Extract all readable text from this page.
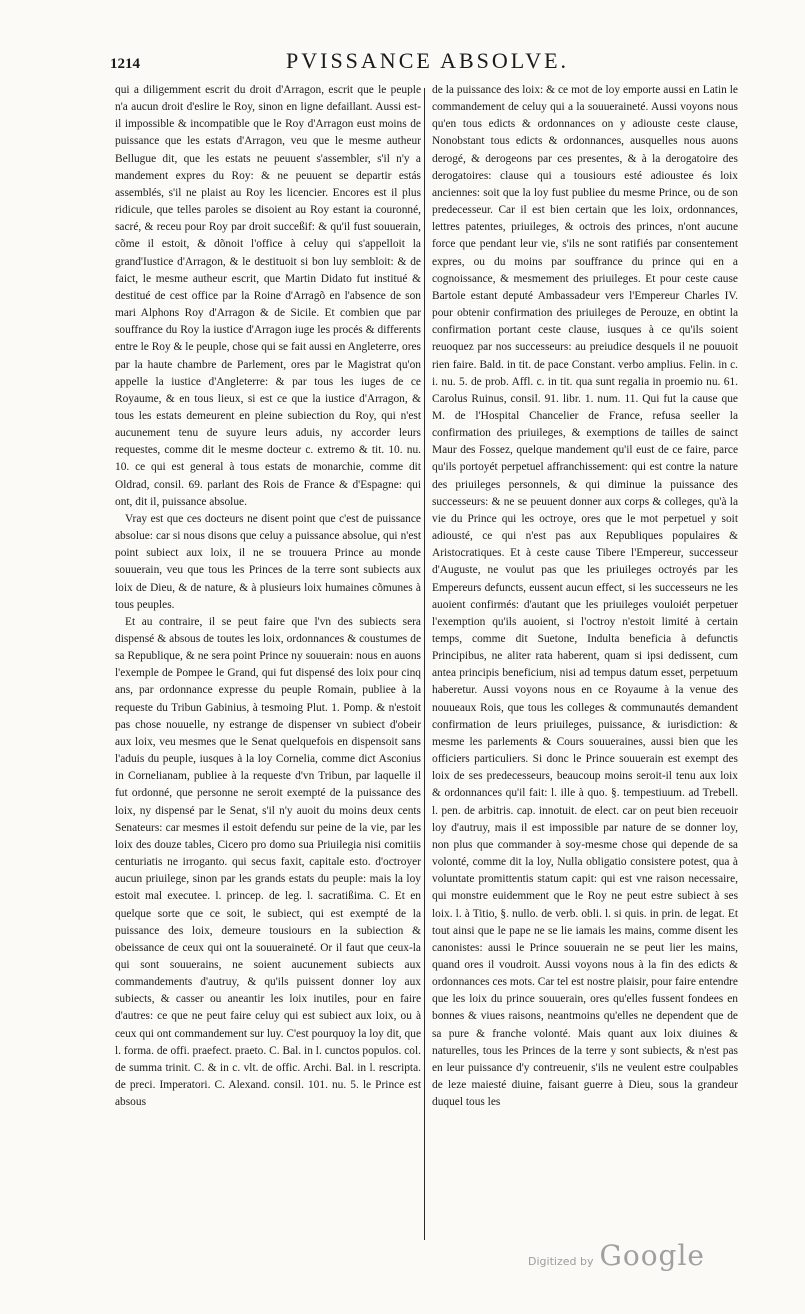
1214	PVISSANCE ABSOLVE.

qui a diligemment escrit du droit d'Arragon, escrit que le peuple n'a aucun droit d'eslire le Roy, sinon en ligne defaillant. Aussi est-il impossible & incompatible que le Roy d'Arragon eust moins de puissance que les estats d'Arragon, veu que le mesme autheur Bellugue dit, que les estats ne peuuent s'assembler, s'il n'y a mandement expres du Roy: & ne peuuent se departir estás assemblés, s'il ne plaist au Roy les licencier. Encores est il plus ridicule, que telles paroles se disoient au Roy estant ia couronné, sacré, & receu pour Roy par droit succeßif: & qu'il fust souuerain, cõme il estoit, & dõnoit l'office à celuy qui s'appelloit la grand'Iustice d'Arragon, & le destituoit si bon luy sembloit: & de faict, le mesme autheur escrit, que Martin Didato fut institué & destitué de cest office par la Roine d'Arragõ en l'absence de son mari Alphons Roy d'Arragon & de Sicile. Et combien que par souffrance du Roy la iustice d'Arragon iuge les procés & differents entre le Roy & le peuple, chose qui se fait aussi en Angleterre, ores par la haute chambre de Parlement, ores par le Magistrat qu'on appelle la iustice d'Angleterre: & par tous les iuges de ce Royaume, & en tous lieux, si est ce que la iustice d'Arragon, & tous les estats demeurent en pleine subiection du Roy, qui n'est aucunement tenu de suyure leurs aduis, ny accorder leurs requestes, comme dit le mesme docteur c. extremo & tit. 10. nu. 10. ce qui est general à tous estats de monarchie, comme dit Oldrad, consil. 69. parlant des Rois de France & d'Espagne: qui ont, dit il, puissance absolue.

Vray est que ces docteurs ne disent point que c'est de puissance absolue: car si nous disons que celuy a puissance absolue, qui n'est point subiect aux loix, il ne se trouuera Prince au monde souuerain, veu que tous les Princes de la terre sont subiects aux loix de Dieu, & de nature, & à plusieurs loix humaines cõmunes à tous peuples.

Et au contraire, il se peut faire que l'vn des subiects sera dispensé & absous de toutes les loix, ordonnances & coustumes de sa Republique, & ne sera point Prince ny souuerain: nous en auons l'exemple de Pompee le Grand, qui fut dispensé des loix pour cinq ans, par ordonnance expresse du peuple Romain, publiee à la requeste du Tribun Gabinius, à tesmoing Plut. 1. Pomp. & n'estoit pas chose nouuelle, ny estrange de dispenser vn subiect d'obeir aux loix, veu mesmes que le Senat quelquefois en dispensoit sans l'aduis du peuple, iusques à la loy Cornelia, comme dict Asconius in Cornelianam, publiee à la requeste d'vn Tribun, par laquelle il fut ordonné, que personne ne seroit exempté de la puissance des loix, ny dispensé par le Senat, s'il n'y auoit du moins deux cents Senateurs: car mesmes il estoit defendu sur peine de la vie, par les loix des douze tables, Cicero pro domo sua Priuilegia nisi comitiis centuriatis ne irroganto. qui secus faxit, capitale esto. d'octroyer aucun priuilege, sinon par les grands estats du peuple: mais la loy estoit mal executee. l. princep. de leg. l. sacratißima. C. Et en quelque sorte que ce soit, le subiect, qui est exempté de la puissance des loix, demeure tousiours en la subiection & obeissance de ceux qui ont la souueraineté. Or il faut que ceux-la qui sont souuerains, ne soient aucunement subiects aux commandements d'autruy, & qu'ils puissent donner loy aux subiects, & casser ou aneantir les loix inutiles, pour en faire d'autres: ce que ne peut faire celuy qui est subiect aux loix, ou à ceux qui ont commandement sur luy. C'est pourquoy la loy dit, que l. forma. de offi. praefect. praeto. C. Bal. in l. cunctos populos. col. de summa trinit. C. & in c. vlt. de offic. Archi. Bal. in l. rescripta. de preci. Imperatori. C. Alexand. consil. 101. nu. 5. le Prince est absous

de la puissance des loix: & ce mot de loy emporte aussi en Latin le commandement de celuy qui a la souueraineté. Aussi voyons nous qu'en tous edicts & ordonnances on y adiouste ceste clause, Nonobstant tous edicts & ordonnances, ausquelles nous auons derogé, & derogeons par ces presentes, & à la derogatoire des derogatoires: clause qui a tousiours esté adioustee és loix anciennes: soit que la loy fust publiee du mesme Prince, ou de son predecesseur. Car il est bien certain que les loix, ordonnances, lettres patentes, priuileges, & octrois des princes, n'ont aucune force que pendant leur vie, s'ils ne sont ratifiés par consentement expres, ou du moins par souffrance du prince qui en a cognoissance, & mesmement des priuileges. Et pour ceste cause Bartole estant deputé Ambassadeur vers l'Empereur Charles IV. pour obtenir confirmation des priuileges de Perouze, en obtint la confirmation portant ceste clause, iusques à ce qu'ils soient reuoquez par nos successeurs: au preiudice desquels il ne pouuoit rien faire. Bald. in tit. de pace Constant. verbo amplius. Felin. in c. i. nu. 5. de prob. Affl. c. in tit. qua sunt regalia in proemio nu. 61. Carolus Ruinus, consil. 91. libr. 1. num. 11. Qui fut la cause que M. de l'Hospital Chancelier de France, refusa seeller la confirmation des priuileges, & exemptions de tailles de sainct Maur des Fossez, quelque mandement qu'il eust de ce faire, parce qu'ils portoyét perpetuel affranchissement: qui est contre la nature des priuileges personnels, & qui diminue la puissance des successeurs: & ne se peuuent donner aux corps & colleges, qu'à la vie du Prince qui les octroye, ores que le mot perpetuel y soit adiousté, ce qui n'est pas aux Republiques populaires & Aristocratiques. Et à ceste cause Tibere l'Empereur, successeur d'Auguste, ne voulut pas que les priuileges octroyés par les Empereurs defuncts, eussent aucun effect, si les successeurs ne les auoient confirmés: d'autant que les priuileges vouloiét perpetuer l'exemption qu'ils auoient, si l'octroy n'estoit limité à certain temps, comme dit Suetone, Indulta beneficia à defunctis Principibus, ne aliter rata haberent, quam si ipsi dedissent, cum antea principis beneficium, nisi ad tempus datum esset, perpetuum haberetur. Aussi voyons nous en ce Royaume à la venue des nouueaux Rois, que tous les colleges & communautés demandent confirmation de leurs priuileges, puissance, & iurisdiction: & mesme les parlements & Cours souueraines, aussi bien que les officiers particuliers. Si donc le Prince souuerain est exempt des loix de ses predecesseurs, beaucoup moins seroit-il tenu aux loix & ordonnances qu'il fait: l. ille à quo. §. tempestiuum. ad Trebell. l. pen. de arbitris. cap. innotuit. de elect. car on peut bien receuoir loy d'autruy, mais il est impossible par nature de se donner loy, non plus que commander à soy-mesme chose qui depende de sa volonté, comme dit la loy, Nulla obligatio consistere potest, qua à voluntate promittentis statum capit: qui est vne raison necessaire, qui monstre euidemment que le Roy ne peut estre subiect à ses loix. l. à Titio, §. nullo. de verb. obli. l. si quis. in prin. de legat. Et tout ainsi que le pape ne se lie iamais les mains, comme disent les canonistes: aussi le Prince souuerain ne se peut lier les mains, quand ores il voudroit. Aussi voyons nous à la fin des edicts & ordonnances ces mots. Car tel est nostre plaisir, pour faire entendre que les loix du prince souuerain, ores qu'elles fussent fondees en bonnes & viues raisons, neantmoins qu'elles ne dependent que de sa pure & franche volonté. Mais quant aux loix diuines & naturelles, tous les Princes de la terre y sont subiects, & n'est pas en leur puissance d'y contreuenir, s'ils ne veulent estre coulpables de leze maiesté diuine, faisant guerre à Dieu, sous la grandeur duquel tous les

Digitized by Google
